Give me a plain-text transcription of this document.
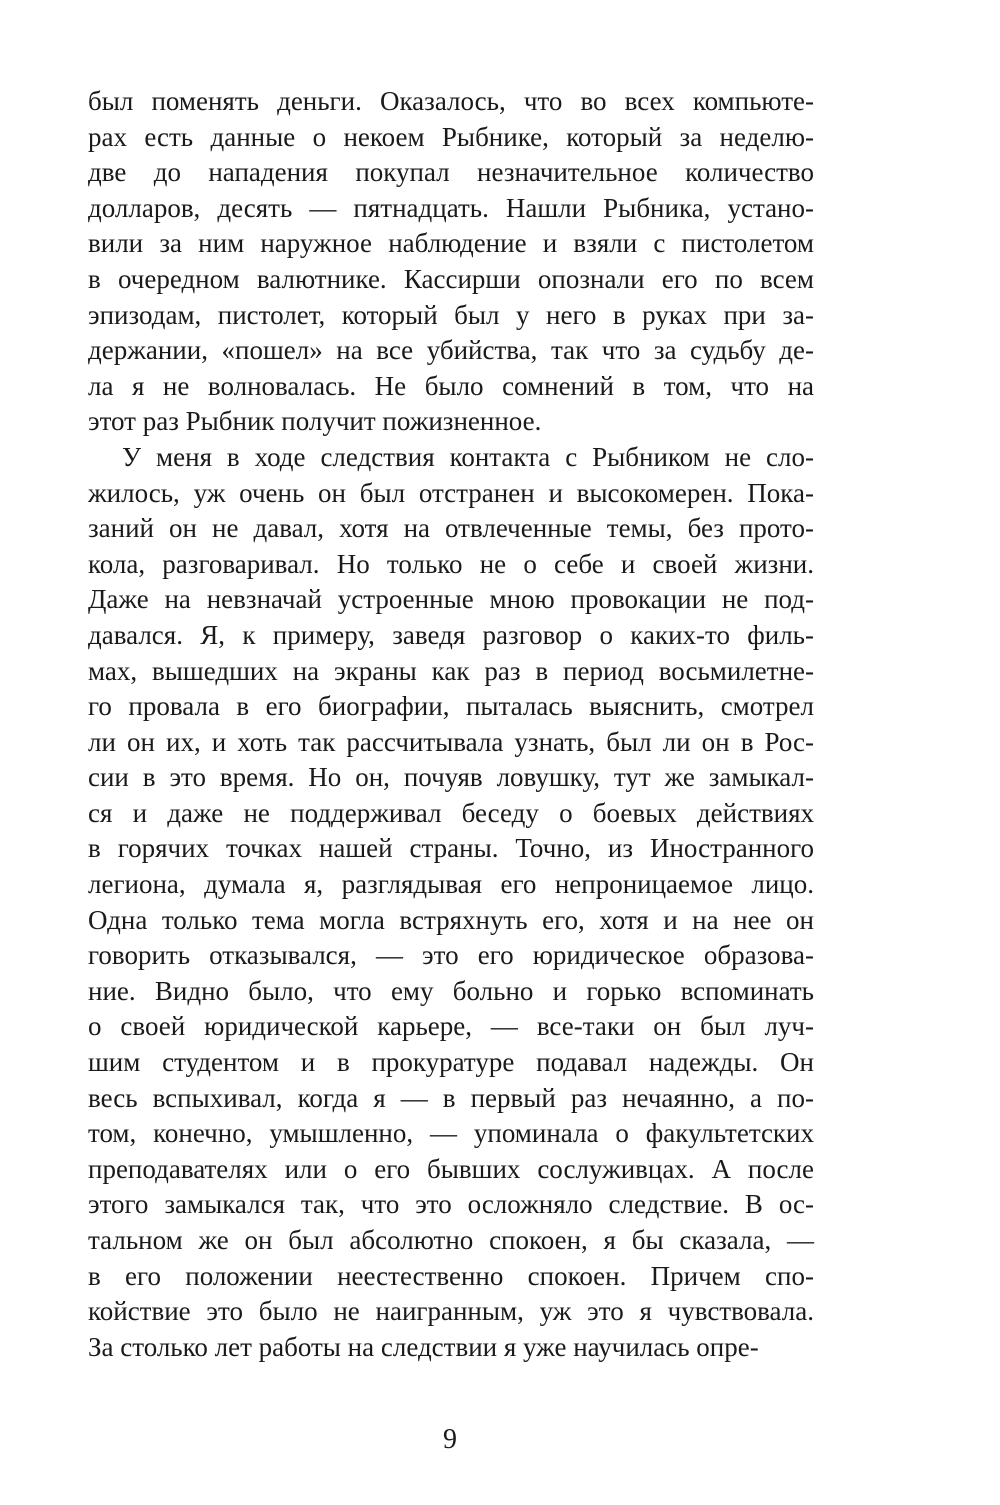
был поменять деньги. Оказалось, что во всех компьюте-
рах есть данные о некоем Рыбнике, который за неделю-
две до нападения покупал незначительное количество
долларов, десять — пятнадцать. Нашли Рыбника, устано-
вили за ним наружное наблюдение и взяли с пистолетом
в очередном валютнике. Кассирши опознали его по всем
эпизодам, пистолет, который был у него в руках при за-
держании, «пошел» на все убийства, так что за судьбу де-
ла я не волновалась. Не было сомнений в том, что на
этот раз Рыбник получит пожизненное.
У меня в ходе следствия контакта с Рыбником не сло-
жилось, уж очень он был отстранен и высокомерен. Пока-
заний он не давал, хотя на отвлеченные темы, без прото-
кола, разговаривал. Но только не о себе и своей жизни.
Даже на невзначай устроенные мною провокации не под-
давался. Я, к примеру, заведя разговор о каких-то филь-
мах, вышедших на экраны как раз в период восьмилетне-
го провала в его биографии, пыталась выяснить, смотрел
ли он их, и хоть так рассчитывала узнать, был ли он в Рос-
сии в это время. Но он, почуяв ловушку, тут же замыкал-
ся и даже не поддерживал беседу о боевых действиях
в горячих точках нашей страны. Точно, из Иностранного
легиона, думала я, разглядывая его непроницаемое лицо.
Одна только тема могла встряхнуть его, хотя и на нее он
говорить отказывался, — это его юридическое образова-
ние. Видно было, что ему больно и горько вспоминать
о своей юридической карьере, — все-таки он был луч-
шим студентом и в прокуратуре подавал надежды. Он
весь вспыхивал, когда я — в первый раз нечаянно, а по-
том, конечно, умышленно, — упоминала о факультетских
преподавателях или о его бывших сослуживцах. А после
этого замыкался так, что это осложняло следствие. В ос-
тальном же он был абсолютно спокоен, я бы сказала, —
в его положении неестественно спокоен. Причем спо-
койствие это было не наигранным, уж это я чувствовала.
За столько лет работы на следствии я уже научилась опре-
9
